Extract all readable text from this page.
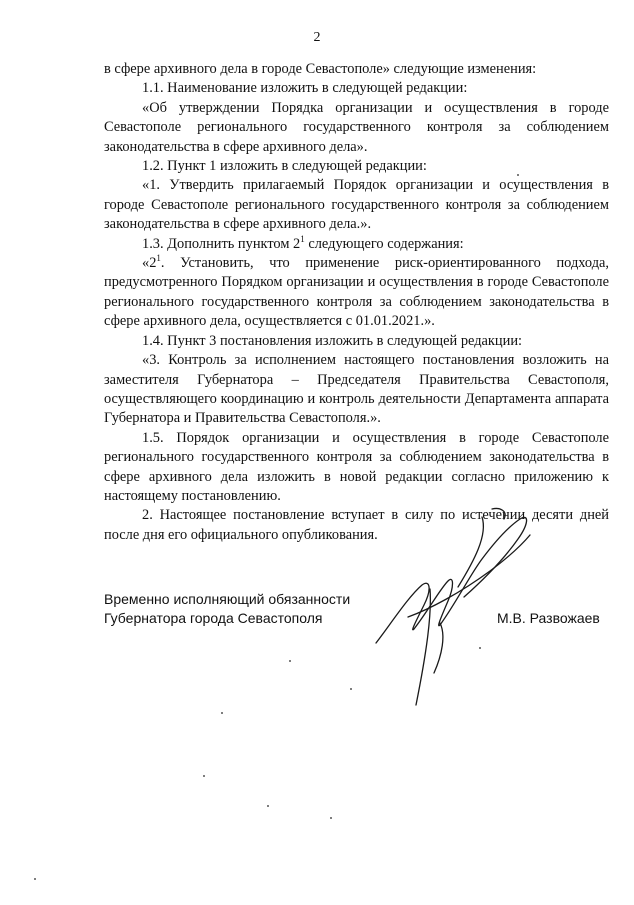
2

в сфере архивного дела в городе Севастополе» следующие изменения:

1.1. Наименование изложить в следующей редакции:

«Об утверждении Порядка организации и осуществления в городе Севастополе регионального государственного контроля за соблюдением законодательства в сфере архивного дела».

1.2. Пункт 1 изложить в следующей редакции:

«1. Утвердить прилагаемый Порядок организации и осуществления в городе Севастополе регионального государственного контроля за соблюдением законодательства в сфере архивного дела.».

1.3. Дополнить пунктом $2^1$ следующего содержания:

«$2^1$. Установить, что применение риск-ориентированного подхода, предусмотренного Порядком организации и осуществления в городе Севастополе регионального государственного контроля за соблюдением законодательства в сфере архивного дела, осуществляется с 01.01.2021.».

1.4. Пункт 3 постановления изложить в следующей редакции:

«3. Контроль за исполнением настоящего постановления возложить на заместителя Губернатора – Председателя Правительства Севастополя, осуществляющего координацию и контроль деятельности Департамента аппарата Губернатора и Правительства Севастополя.».

1.5. Порядок организации и осуществления в городе Севастополе регионального государственного контроля за соблюдением законодательства в сфере архивного дела изложить в новой редакции согласно приложению к настоящему постановлению.

2. Настоящее постановление вступает в силу по истечении десяти дней после дня его официального опубликования.

Временно исполняющий обязанности
Губернатора города Севастополя	М.В. Развожаев
